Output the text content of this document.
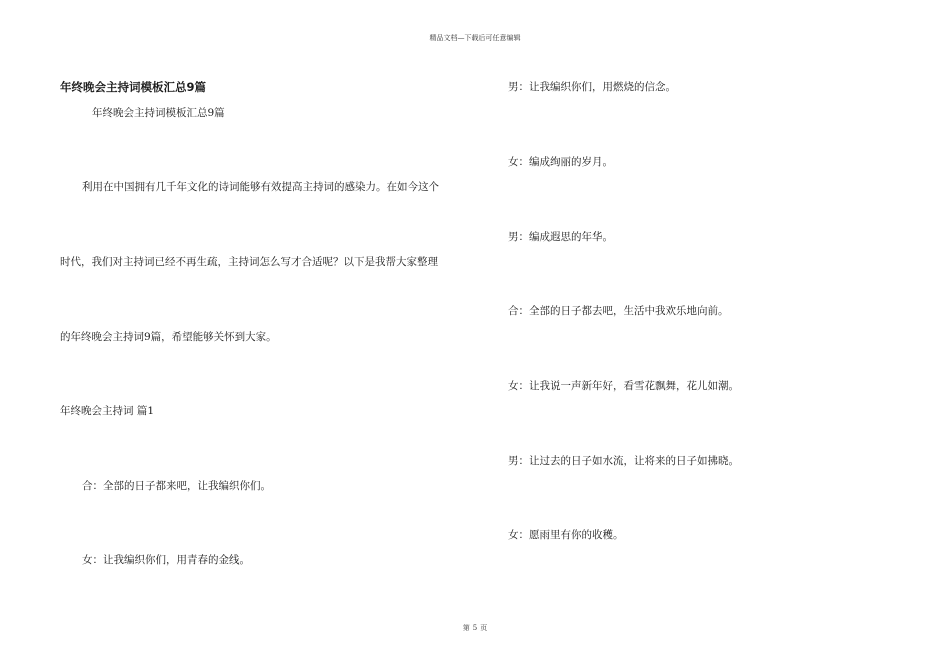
精品文档—下载后可任意编辑
年终晚会主持词模板汇总9篇
年终晚会主持词模板汇总9篇
利用在中国拥有几千年文化的诗词能够有效提高主持词的感染力。在如今这个
时代，我们对主持词已经不再生疏，主持词怎么写才合适呢？以下是我帮大家整理
的年终晚会主持词9篇，希望能够关怀到大家。
年终晚会主持词 篇1
合：全部的日子都来吧，让我编织你们。
女：让我编织你们，用青春的金线。
男：让我编织你们，用燃烧的信念。
女：编成绚丽的岁月。
男：编成遐思的年华。
合：全部的日子都去吧，生活中我欢乐地向前。
女：让我说一声新年好，看雪花飘舞，花儿如潮。
男：让过去的日子如水流，让将来的日子如拂晓。
女：愿雨里有你的收穫。
第 5 页
